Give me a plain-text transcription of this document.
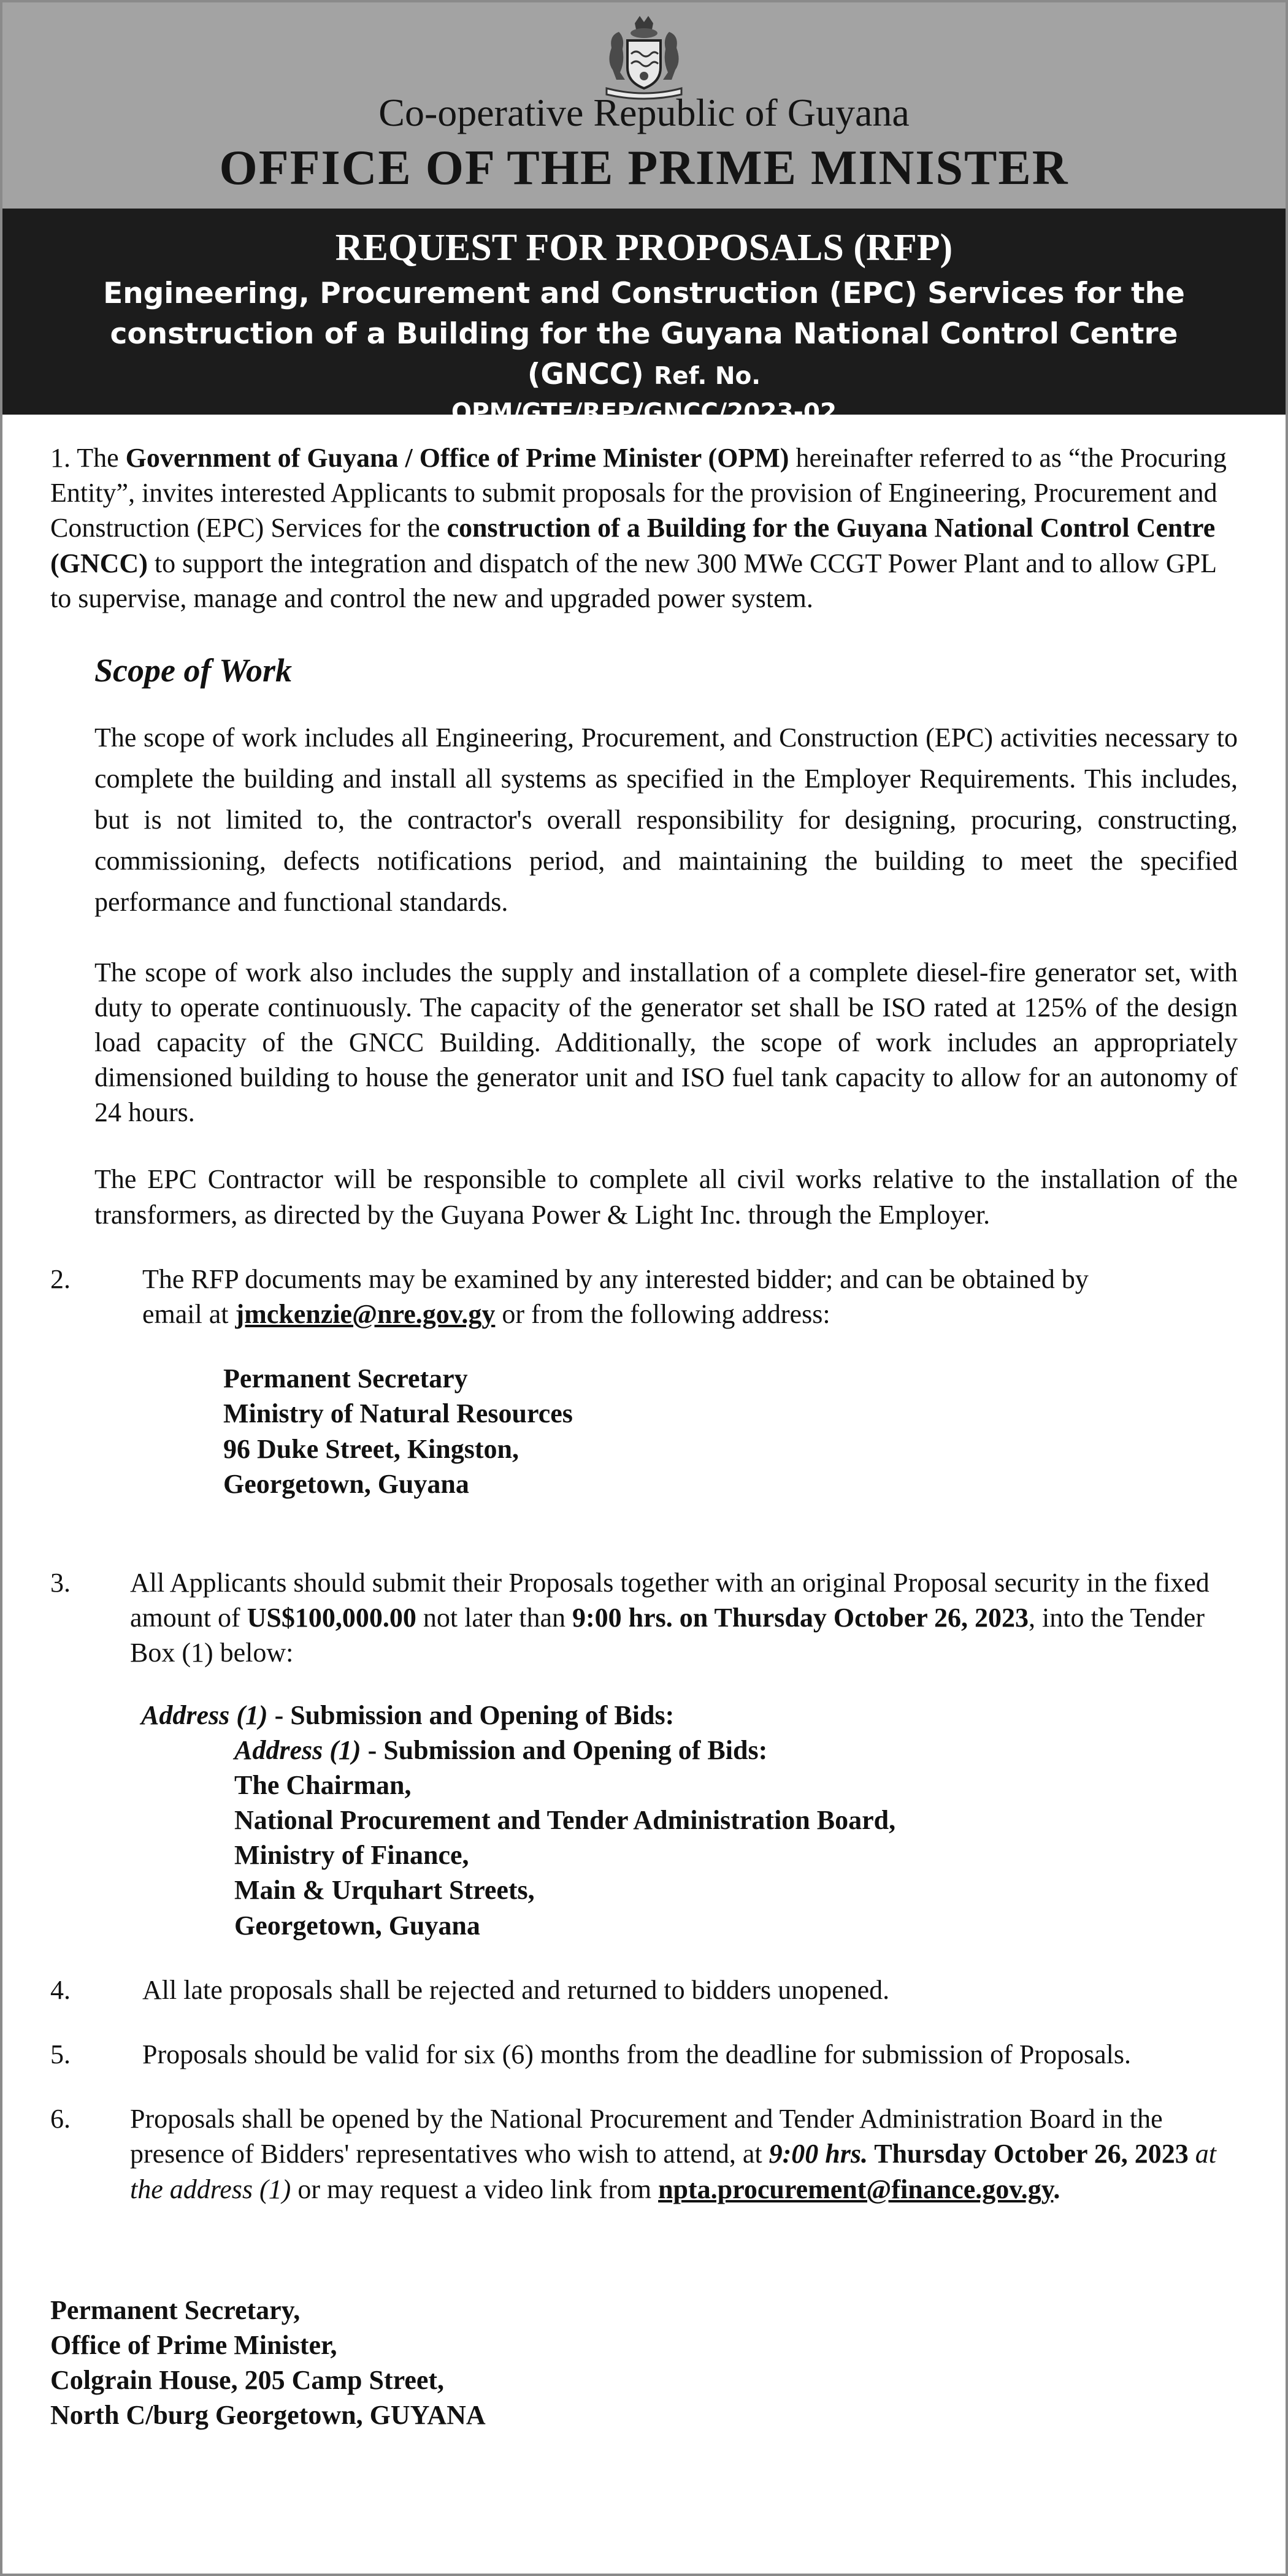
Co-operative Republic of Guyana
OFFICE OF THE PRIME MINISTER
REQUEST FOR PROPOSALS (RFP)
Engineering, Procurement and Construction (EPC) Services for the construction of a Building for the Guyana National Control Centre (GNCC) Ref. No.
OPM/GTE/RFP/GNCC/2023-02

1. The Government of Guyana / Office of Prime Minister (OPM) hereinafter referred to as “the Procuring Entity”, invites interested Applicants to submit proposals for the provision of Engineering, Procurement and Construction (EPC) Services for the construction of a Building for the Guyana National Control Centre (GNCC) to support the integration and dispatch of the new 300 MWe CCGT Power Plant and to allow GPL to supervise, manage and control the new and upgraded power system.

Scope of Work

The scope of work includes all Engineering, Procurement, and Construction (EPC) activities necessary to complete the building and install all systems as specified in the Employer Requirements. This includes, but is not limited to, the contractor's overall responsibility for designing, procuring, constructing, commissioning, defects notifications period, and maintaining the building to meet the specified performance and functional standards.

The scope of work also includes the supply and installation of a complete diesel-fire generator set, with duty to operate continuously. The capacity of the generator set shall be ISO rated at 125% of the design load capacity of the GNCC Building. Additionally, the scope of work includes an appropriately dimensioned building to house the generator unit and ISO fuel tank capacity to allow for an autonomy of 24 hours.

The EPC Contractor will be responsible to complete all civil works relative to the installation of the transformers, as directed by the Guyana Power & Light Inc. through the Employer.

2.	The RFP documents may be examined by any interested bidder; and can be obtained by

email at jmckenzie@nre.gov.gy or from the following address:

Permanent Secretary
Ministry of Natural Resources
96 Duke Street, Kingston,
Georgetown, Guyana
3.	All Applicants should submit their Proposals together with an original Proposal security in the fixed amount of US$100,000.00 not later than 9:00 hrs. on Thursday October 26, 2023, into the Tender Box (1) below:

Address (1) - Submission and Opening of Bids:
Address (1) - Submission and Opening of Bids:
The Chairman,
National Procurement and Tender Administration Board,
Ministry of Finance,
Main & Urquhart Streets,
Georgetown, Guyana
4.	All late proposals shall be rejected and returned to bidders unopened.

5.	Proposals should be valid for six (6) months from the deadline for submission of Proposals.

6.	Proposals shall be opened by the National Procurement and Tender Administration Board in the presence of Bidders' representatives who wish to attend, at 9:00 hrs. Thursday October 26, 2023 at the address (1) or may request a video link from npta.procurement@finance.gov.gy.

Permanent Secretary,
Office of Prime Minister,
Colgrain House, 205 Camp Street,
North C/burg Georgetown, GUYANA
